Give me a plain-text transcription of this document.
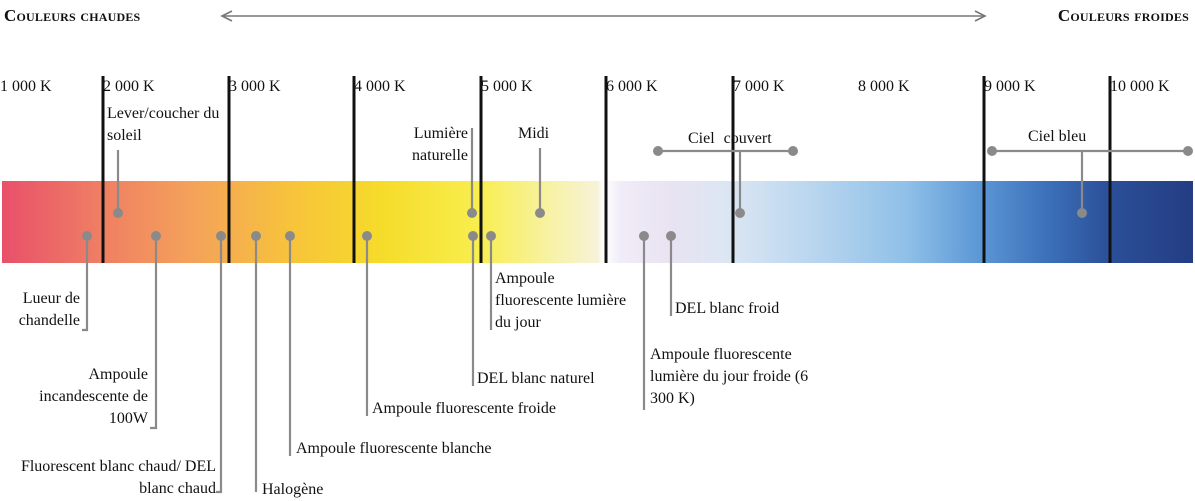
Couleurs chaudes	Couleurs froides
1 000 K	2 000 K	3 000 K	4 000 K	5 000 K	6 000 K	7 000 K	8 000 K	9 000 K	10 000 K
Lever/coucher du soleil	Lumière naturelle
Midi	Ciel couvert	Ciel bleu
Lueur de chandelle
Ampoule incandescente de 100W
Fluorescent blanc chaud/ DEL blanc chaud	Halogène
Ampoule fluorescente blanche
Ampoule fluorescente froide
DEL blanc naturel
Ampoule fluorescente lumière du jour
DEL blanc froid
Ampoule fluorescente lumière du jour froide (6 300 K)
